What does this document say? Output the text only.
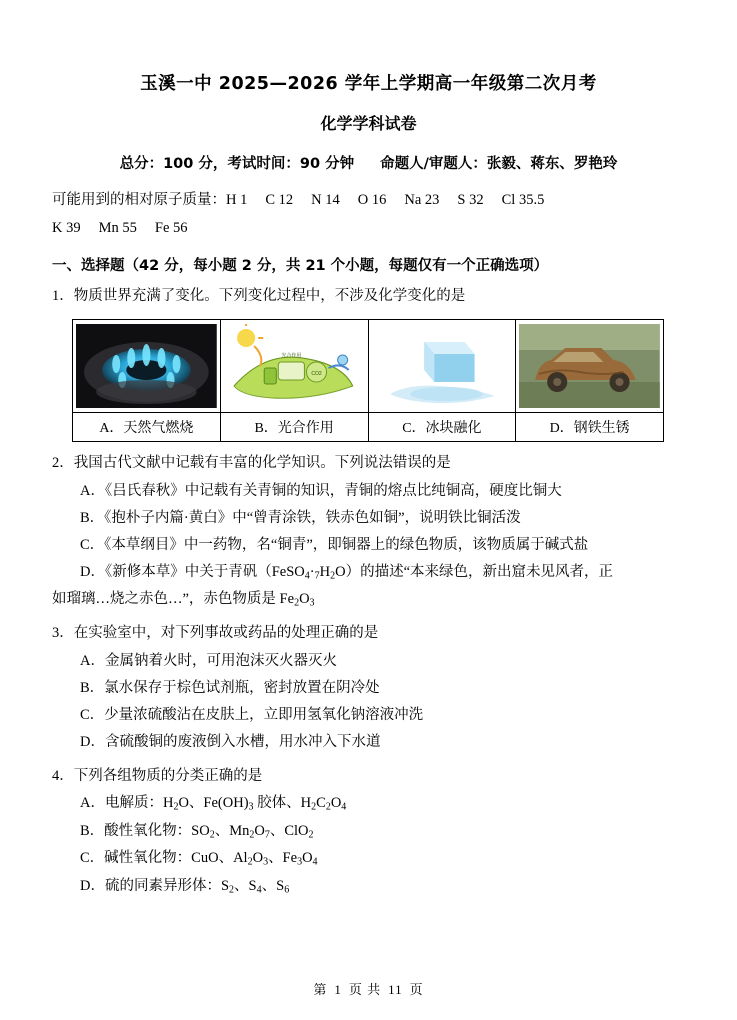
玉溪一中 2025—2026 学年上学期高一年级第二次月考
化学学科试卷
总分：100 分，考试时间：90 分钟 命题人/审题人：张毅、蒋东、罗艳玲
可能用到的相对原子质量：H 1 C 12 N 14 O 16 Na 23 S 32 Cl 35.5
K 39 Mn 55 Fe 56
一、选择题（42 分，每小题 2 分，共 21 个小题，每题仅有一个正确选项）
1．物质世界充满了变化。下列变化过程中，不涉及化学变化的是

CO2
光合作用

A．天然气燃烧	B．光合作用	C．冰块融化	D．钢铁生锈
2．我国古代文献中记载有丰富的化学知识。下列说法错误的是
A．《吕氏春秋》中记载有关青铜的知识，青铜的熔点比纯铜高，硬度比铜大
B．《抱朴子内篇·黄白》中“曾青涂铁，铁赤色如铜”，说明铁比铜活泼
C．《本草纲目》中一药物，名“铜青”，即铜器上的绿色物质，该物质属于碱式盐
D．《新修本草》中关于青矾$(FeSO_4\cdot_7H_2O)$的描述“本来绿色，新出窟未见风者，正
如瑠璃…烧之赤色…”，赤色物质是 $Fe_2O_3$
3．在实验室中，对下列事故或药品的处理正确的是
A．金属钠着火时，可用泡沫灭火器灭火
B．氯水保存于棕色试剂瓶，密封放置在阴冷处
C．少量浓硫酸沾在皮肤上，立即用氢氧化钠溶液冲洗
D．含硫酸铜的废液倒入水槽，用水冲入下水道
4．下列各组物质的分类正确的是
A．电解质：$H_2O$、$Fe(OH)_3$ 胶体、$H_2C_2O_4$
B．酸性氧化物：$SO_2$、$Mn_2O_7$、ClO$_2$
C．碱性氧化物：CuO、$Al_2O_3$、$Fe_3O_4$
D．硫的同素异形体：$S_2$、$S_4$、$S_6$
第 1 页 共 11 页
